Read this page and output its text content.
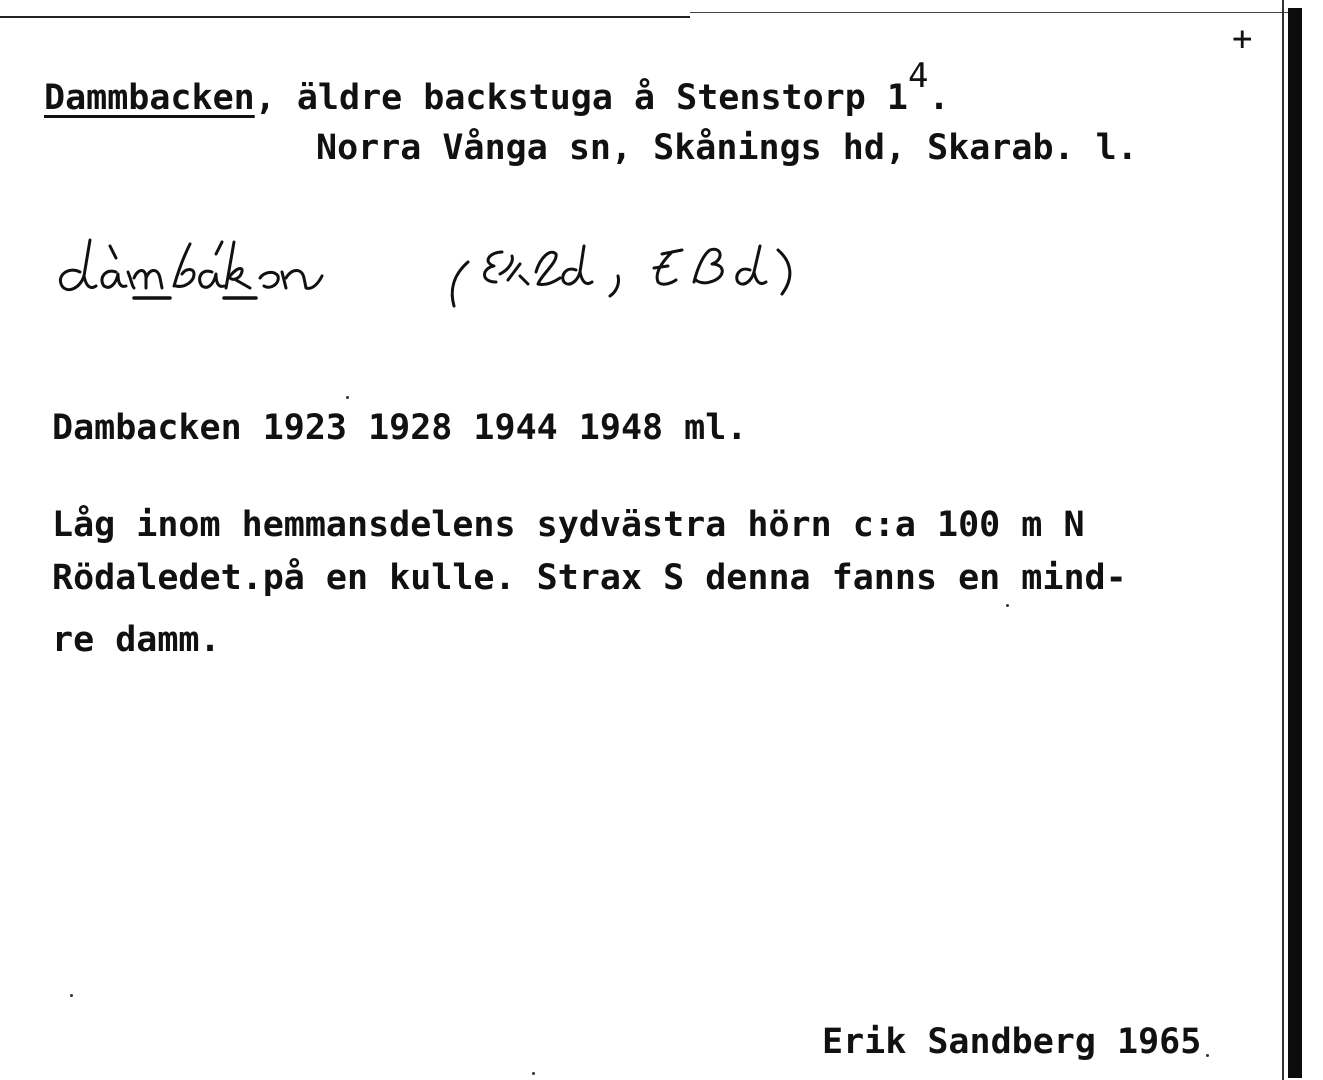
+
Dammbacken, äldre backstuga å Stenstorp 14.
Norra Vånga sn, Skånings hd, Skarab. l.
dàmbákən (EkLd, ETBd)
Dambacken 1923 1928 1944 1948 ml.
Låg inom hemmansdelens sydvästra hörn c:a 100 m N
Rödaledet.på en kulle. Strax S denna fanns en mind-
re damm.
Erik Sandberg 1965
